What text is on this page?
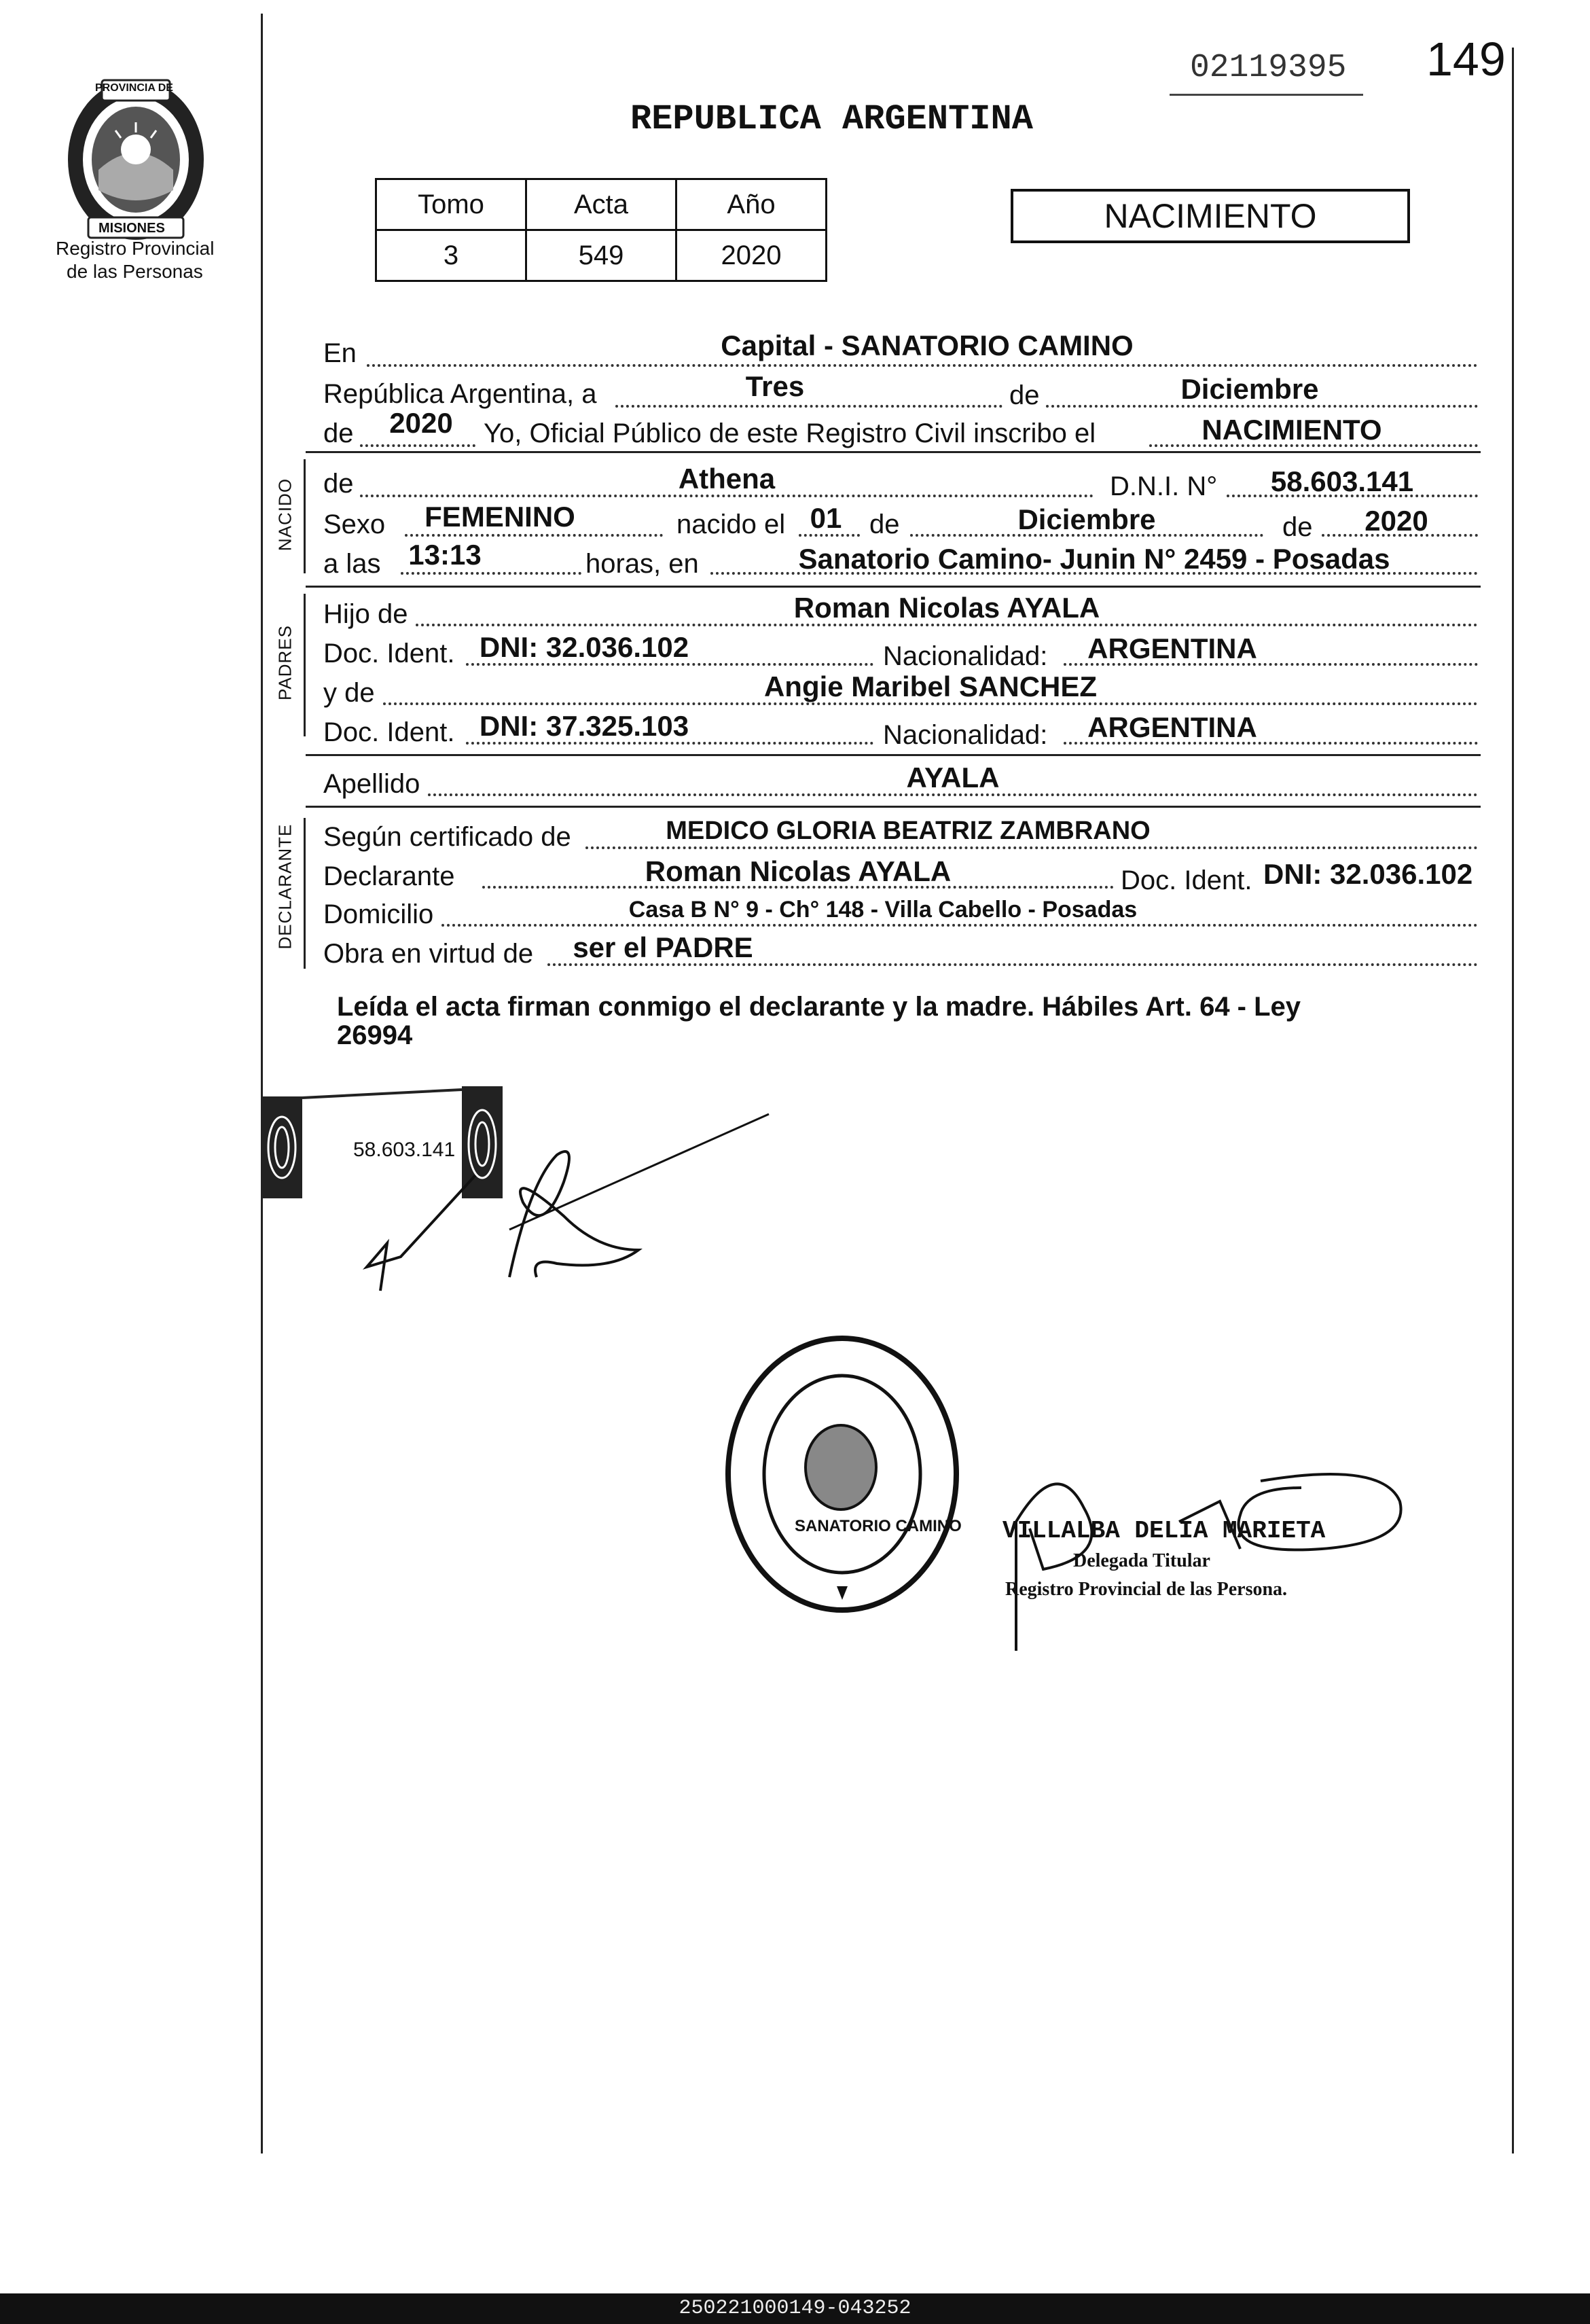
PROVINCIA DE
MISIONES
Registro Provincial
de las Personas
REPUBLICA ARGENTINA
02119395 149
Tomo	Acta	Año
3	549	2020
NACIMIENTO
En	Capital - SANATORIO CAMINO
República Argentina, a	Tres	de	Diciembre
de	2020	Yo, Oficial Público de este Registro Civil inscribo el	NACIMIENTO
NACIDO de	Athena	D.N.I. N°	58.603.141
Sexo	FEMENINO	nacido el 01	de	Diciembre	de	2020
a las 13:13	horas, en	Sanatorio Camino- Junin N° 2459 - Posadas
PADRES
Hijo de	Roman Nicolas AYALA
Doc. Ident. DNI: 32.036.102	Nacionalidad:	ARGENTINA
y de	Angie Maribel SANCHEZ
Doc. Ident. DNI: 37.325.103	Nacionalidad:	ARGENTINA
Apellido	AYALA
DECLARANTE Según certificado de	MEDICO GLORIA BEATRIZ ZAMBRANO
Declarante	Roman Nicolas AYALA	Doc. Ident. DNI: 32.036.102
Domicilio	Casa B N° 9 - Ch° 148 - Villa Cabello - Posadas
Obra en virtud de	ser el PADRE
Leída el acta firman conmigo el declarante y la madre. Hábiles Art. 64 - Ley
26994
58.603.141
SANATORIO CAMINO VILLALBA DELIA MARIETA
Delegada Titular
Registro Provincial de las Persona.
250221000149-043252
